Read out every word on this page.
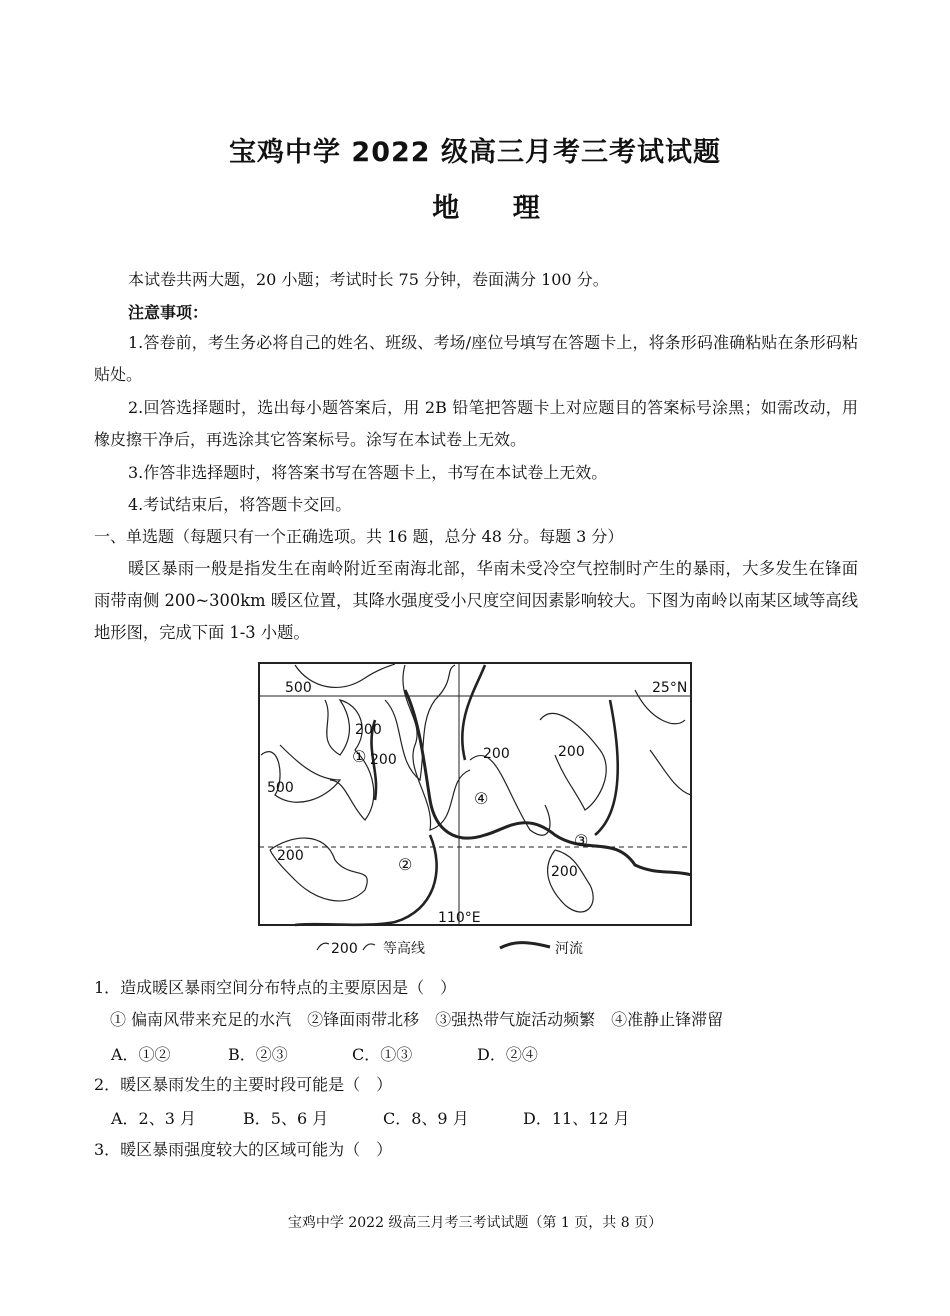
宝鸡中学 2022 级高三月考三考试试题
地 理
本试卷共两大题，20 小题；考试时长 75 分钟，卷面满分 100 分。
注意事项：
1.答卷前，考生务必将自己的姓名、班级、考场/座位号填写在答题卡上，将条形码准确粘贴在条形码粘贴处。
2.回答选择题时，选出每小题答案后，用 2B 铅笔把答题卡上对应题目的答案标号涂黑；如需改动，用橡皮擦干净后，再选涂其它答案标号。涂写在本试卷上无效。
3.作答非选择题时，将答案书写在答题卡上，书写在本试卷上无效。
4.考试结束后，将答题卡交回。
一、单选题（每题只有一个正确选项。共 16 题，总分 48 分。每题 3 分）
暖区暴雨一般是指发生在南岭附近至南海北部，华南未受冷空气控制时产生的暴雨，大多发生在锋面雨带南侧 200~300km 暖区位置，其降水强度受小尺度空间因素影响较大。下图为南岭以南某区域等高线地形图，完成下面 1-3 小题。
500
500
200
200	200	200
200
200
25°N
110°E
①
②
③
④
200 等高线	河流
1．造成暖区暴雨空间分布特点的主要原因是（　）
① 偏南风带来充足的水汽　②锋面雨带北移　③强热带气旋活动频繁　④准静止锋滞留
A．①②	B．②③	C．①③	D．②④
2．暖区暴雨发生的主要时段可能是（　）
A．2、3 月	B．5、6 月	C．8、9 月	D．11、12 月
3．暖区暴雨强度较大的区域可能为（　）
宝鸡中学 2022 级高三月考三考试试题（第 1 页，共 8 页）
